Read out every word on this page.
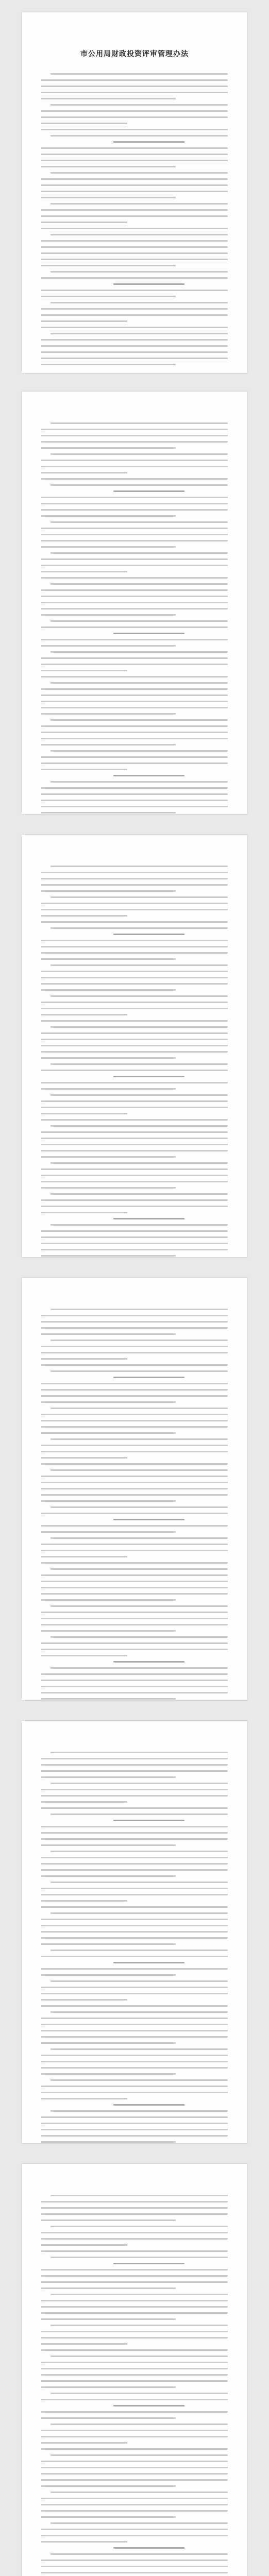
市公用局财政投资评审管理办法
